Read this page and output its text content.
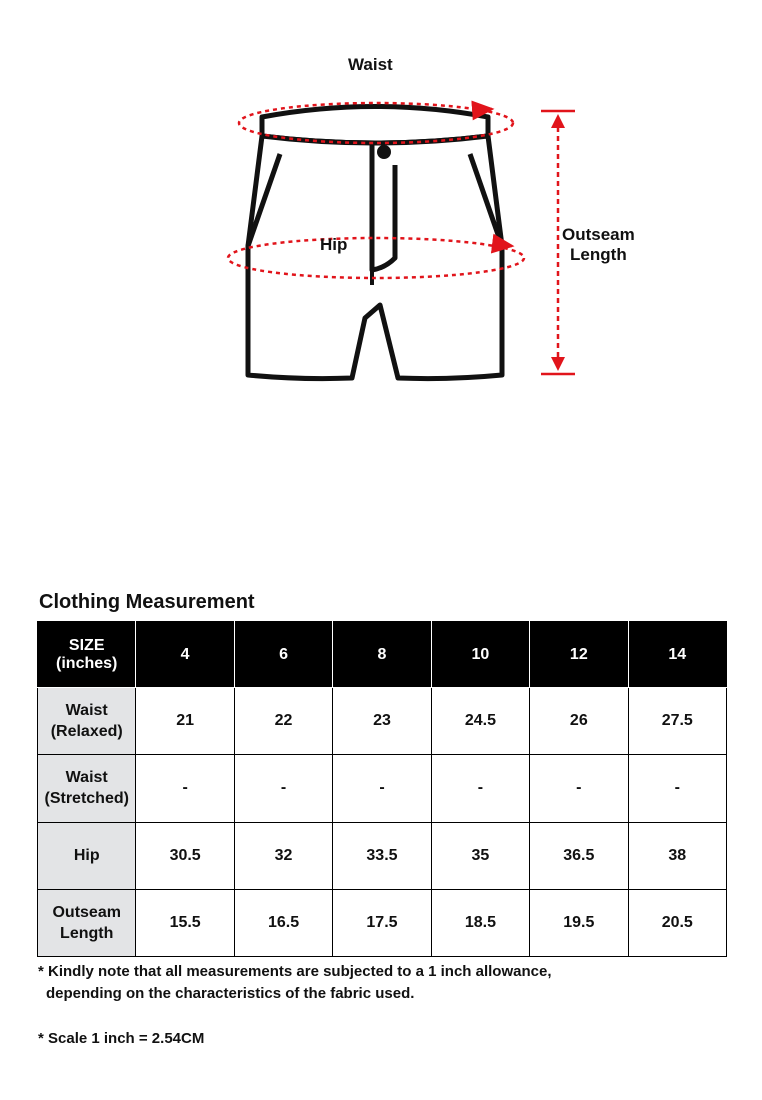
Waist
Hip
Outseam
Length
Clothing Measurement
SIZE
(inches)	4	6	8	10	12	14

Waist
(Relaxed)	21	22	23	24.5	26	27.5

Waist
(Stretched)	-	-	-	-	-	-

Hip	30.5	32	33.5	35	36.5	38

Outseam
Length	15.5	16.5	17.5	18.5	19.5	20.5
* Kindly note that all measurements are subjected to a 1 inch allowance,
depending on the characteristics of the fabric used.
* Scale 1 inch = 2.54CM
